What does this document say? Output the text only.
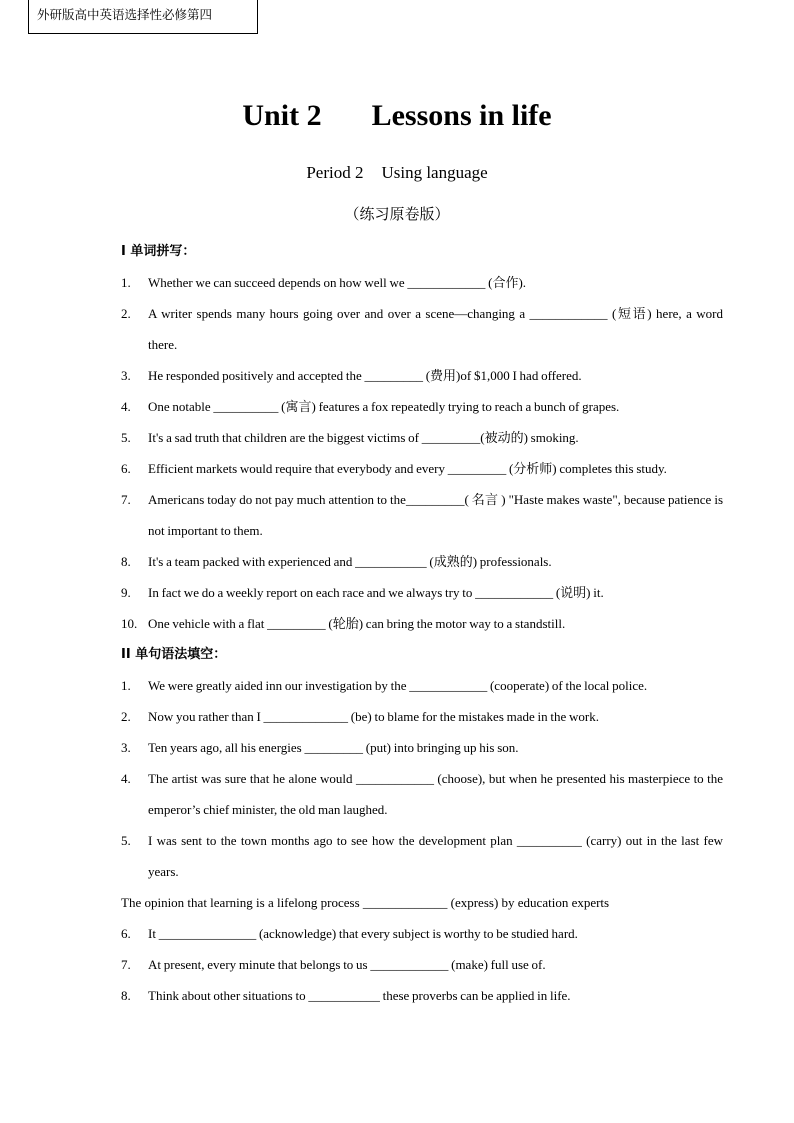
外研版高中英语选择性必修第四
Unit 2 Lessons in life
Period 2 Using language
（练习原卷版）
I 单词拼写：
1.	Whether we can succeed depends on how well we ____________ (合作).
2.	A writer spends many hours going over and over a scene—changing a ____________ (短语) here, a word there.
3.	He responded positively and accepted the _________ (费用)of $1,000 I had offered.
4.	One notable __________ (寓言) features a fox repeatedly trying to reach a bunch of grapes.
5.	It's a sad truth that children are the biggest victims of _________(被动的) smoking.
6.	Efficient markets would require that everybody and every _________ (分析师) completes this study.
7.	Americans today do not pay much attention to the_________( 名言 ) "Haste makes waste", because patience is not important to them.
8.	It's a team packed with experienced and ___________ (成熟的) professionals.
9.	In fact we do a weekly report on each race and we always try to ____________ (说明) it.
10. One vehicle with a flat _________ (轮胎) can bring the motor way to a standstill.
II 单句语法填空：
1.	We were greatly aided inn our investigation by the ____________ (cooperate) of the local police.
2.	Now you rather than I _____________ (be) to blame for the mistakes made in the work.
3.	Ten years ago, all his energies _________ (put) into bringing up his son.
4.	The artist was sure that he alone would ____________ (choose), but when he presented his masterpiece to the emperor’s chief minister, the old man laughed.
5.	I was sent to the town months ago to see how the development plan __________ (carry) out in the last few years.
The opinion that learning is a lifelong process _____________ (express) by education experts
6.	It _______________ (acknowledge) that every subject is worthy to be studied hard.
7.	At present, every minute that belongs to us ____________ (make) full use of.
8.	Think about other situations to ___________ these proverbs can be applied in life.
